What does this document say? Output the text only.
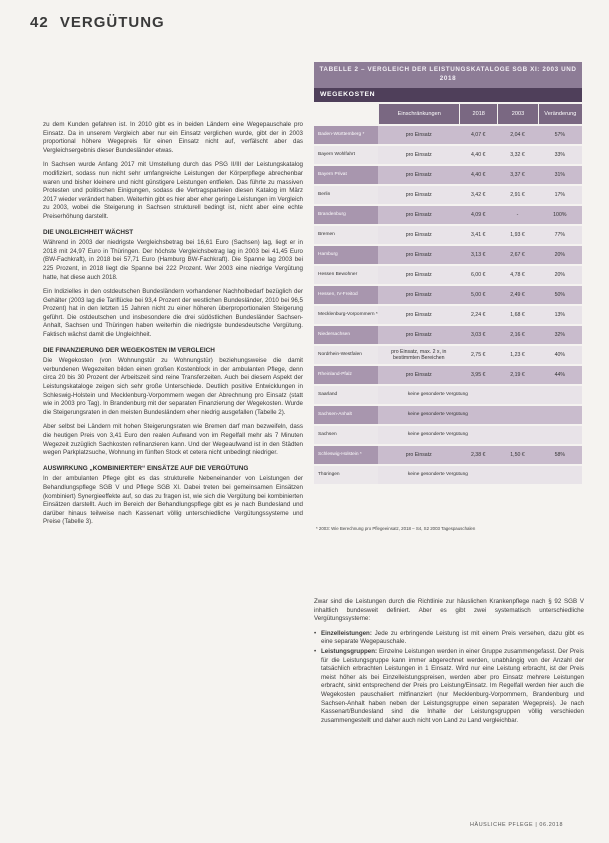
42 VERGÜTUNG

zu dem Kunden gefahren ist. In 2010 gibt es in beiden Ländern eine Wegepauschale pro Einsatz. Da in unserem Vergleich aber nur ein Einsatz verglichen wurde, gibt der in 2003 proportional höhere Wegepreis für einen Einsatz nicht auf, verfälscht aber das Vergleichsergebnis dieser Bundesländer etwas.

In Sachsen wurde Anfang 2017 mit Umstellung durch das PSG II/III der Leistungskatalog modifiziert, sodass nun nicht sehr umfangreiche Leistungen der Körperpflege abrechenbar waren und bisher kleinere und nicht günstigere Leistungen entfielen. Das führte zu massiven Protesten und politischen Einigungen, sodass die Vertragsparteien diesen Katalog im März 2017 wieder verändert haben. Weiterhin gibt es hier aber eher geringe Leistungen im Vergleich zu 2003, wobei die Steigerung in Sachsen strukturell bedingt ist, nicht aber eine echte Preiserhöhung darstellt.

DIE UNGLEICHHEIT WÄCHST

Während in 2003 der niedrigste Vergleichsbetrag bei 16,61 Euro (Sachsen) lag, liegt er in 2018 mit 24,97 Euro in Thüringen. Der höchste Vergleichsbetrag lag in 2003 bei 41,45 Euro (BW-Fachkraft), in 2018 bei 57,71 Euro (Hamburg BW-Fachkraft). Die Spanne lag 2003 bei 225 Prozent, in 2018 liegt die Spanne bei 222 Prozent. Wer 2003 eine niedrige Vergütung hatte, hat diese auch 2018.

Ein Indizielles in den ostdeutschen Bundesländern vorhandener Nachholbedarf bezüglich der Gehälter (2003 lag die Tariflücke bei 93,4 Prozent der westlichen Bundesländer, 2010 bei 96,5 Prozent) hat in den letzten 15 Jahren nicht zu einer höheren überproportionalen Steigerung geführt. Die ostdeutschen und insbesondere die drei südöstlichen Bundesländer Sachsen-Anhalt, Sachsen und Thüringen haben weiterhin die niedrigste bundesdeutsche Vergütung. Faktisch wächst damit die Ungleichheit.

DIE FINANZIERUNG DER WEGEKOSTEN IM VERGLEICH

Die Wegekosten (von Wohnungstür zu Wohnungstür) beziehungsweise die damit verbundenen Wegezeiten bilden einen großen Kostenblock in der ambulanten Pflege, denn circa 20 bis 30 Prozent der Arbeitszeit sind reine Transferzeiten. Auch bei diesem Aspekt der Leistungskataloge zeigen sich sehr große Unterschiede. Deutlich positive Entwicklungen in Schleswig-Holstein und Mecklenburg-Vorpommern wegen der Abrechnung pro Einsatz (statt wie in 2003 pro Tag). In Brandenburg mit der separaten Finanzierung der Wegekosten. Wurde die Steigerungsraten in den meisten Bundesländern eher niedrig ausgefallen (Tabelle 2).

Aber selbst bei Ländern mit hohen Steigerungsraten wie Bremen darf man bezweifeln, dass die heutigen Preis von 3,41 Euro den realen Aufwand von im Regelfall mehr als 7 Minuten Wegezeit zuzüglich Sachkosten refinanzieren kann. Und der Wegeaufwand ist in den Städten wegen Parkplatzsuche, Wohnung im fünften Stock et cetera nicht unbedingt niedriger.

AUSWIRKUNG „KOMBINIERTER“ EINSÄTZE AUF DIE VERGÜTUNG

In der ambulanten Pflege gibt es das strukturelle Nebeneinander von Leistungen der Behandlungspflege SGB V und Pflege SGB XI. Dabei treten bei gemeinsamen Einsätzen (kombiniert) Synergieeffekte auf, so das zu fragen ist, wie sich die Vergütung bei kombinierten Einsätzen darstellt. Auch im Bereich der Behandlungspflege gibt es je nach Bundesland und darüber hinaus teilweise nach Kassenart völlig unterschiedliche Vergütungssysteme und Preise (Tabelle 3).

TABELLE 2 – VERGLEICH DER LEISTUNGSKATALOGE SGB XI: 2003 UND 2018
WEGEKOSTEN
	Einschränkungen	2018	2003	Veränderung
Baden-Württemberg *	pro Einsatz	4,07 €	2,04 €	57%
Bayern Wohlfahrt	pro Einsatz	4,40 €	3,32 €	33%
Bayern Privat	pro Einsatz	4,40 €	3,37 €	31%
Berlin	pro Einsatz	3,42 €	2,91 €	17%
Brandenburg	pro Einsatz	4,09 €	-	100%
Bremen	pro Einsatz	3,41 €	1,93 €	77%
Hamburg	pro Einsatz	3,13 €	2,67 €	20%
Hessen Bewohner	pro Einsatz	6,00 €	4,78 €	20%
Hessen, IV-Freitod	pro Einsatz	5,00 €	2,49 €	50%
Mecklenburg-Vorpommern *	pro Einsatz	2,24 €	1,68 €	13%
Niedersachsen	pro Einsatz	3,03 €	2,16 €	32%
Nordrhein-Westfalen	pro Einsatz, max. 2 x, in bestimmten Bereichen	2,75 €	1,23 €	40%
Rheinland-Pfalz	pro Einsatz	3,95 €	2,19 €	44%
Saarland	keine gesonderte Vergütung			
Sachsen-Anhalt	keine gesonderte Vergütung			
Sachsen	keine gesonderte Vergütung			
Schleswig-Holstein *	pro Einsatz	2,38 €	1,50 €	58%
Thüringen	keine gesonderte Vergütung			
* 2003: Wie Berechnung pro Pflegeeinsatz, 2018 – S4, S2 2003 Tagespauschalen

Zwar sind die Leistungen durch die Richtlinie zur häuslichen Krankenpflege nach § 92 SGB V inhaltlich bundesweit definiert. Aber es gibt zwei systematisch unterschiedliche Vergütungssysteme:

• Einzelleistungen: Jede zu erbringende Leistung ist mit einem Preis versehen, dazu gibt es eine separate Wegepauschale.
• Leistungsgruppen: Einzelne Leistungen werden in einer Gruppe zusammengefasst. Der Preis für die Leistungsgruppe kann immer abgerechnet werden, unabhängig von der Anzahl der tatsächlich erbrachten Leistungen in 1 Einsatz. Wird nur eine Leistung erbracht, ist der Preis meist höher als bei Einzelleistungspreisen, werden aber pro Einsatz mehrere Leistungen erbracht, sinkt entsprechend der Preis pro Leistung/Einsatz. Im Regelfall werden hier auch die Wegekosten pauschaliert mitfinanziert (nur Mecklenburg-Vorpommern, Brandenburg und Sachsen-Anhalt haben neben der Leistungsgruppe einen separaten Wegepreis). Je nach Kassenart/Bundesland sind die Inhalte der Leistungsgruppen völlig verschieden zusammengestellt und daher auch nicht von Land zu Land vergleichbar.
HÄUSLICHE PFLEGE | 06.2018
